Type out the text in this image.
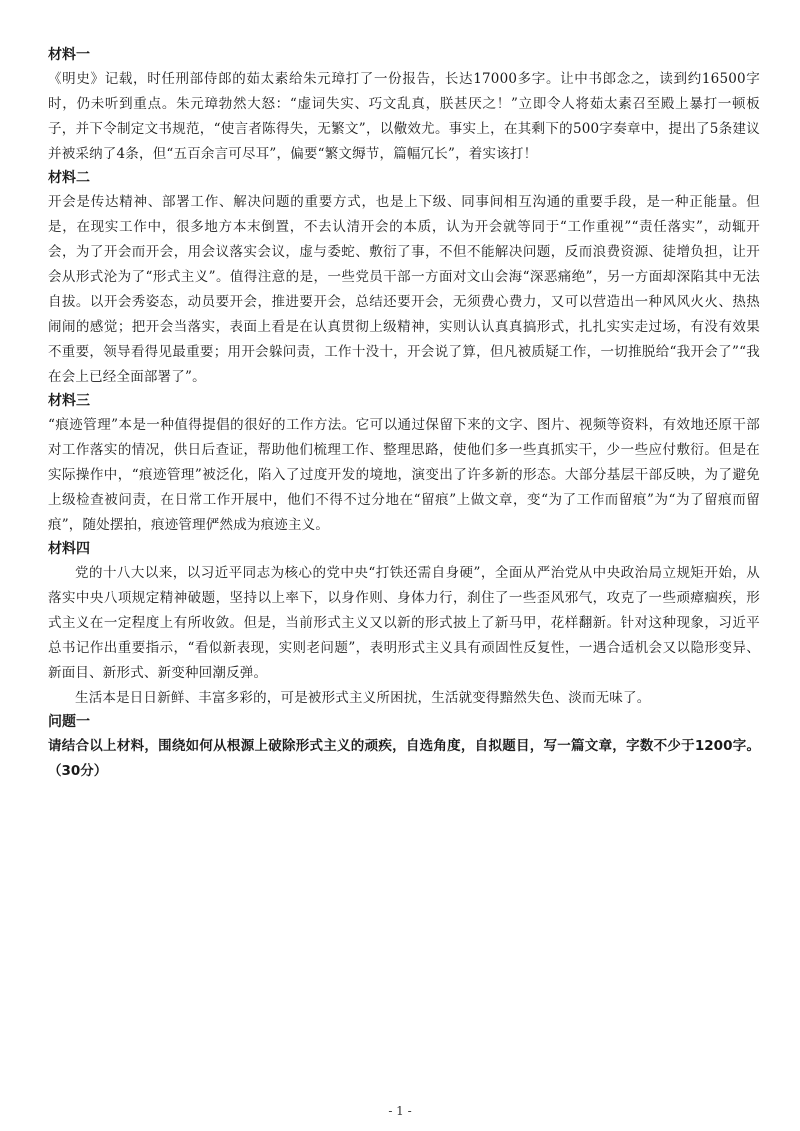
材料一

《明史》记载，时任刑部侍郎的茹太素给朱元璋打了一份报告，长达17000多字。让中书郎念之，读到约16500字时，仍未听到重点。朱元璋勃然大怒：“虚词失实、巧文乱真，朕甚厌之！”立即令人将茹太素召至殿上暴打一顿板子，并下令制定文书规范，“使言者陈得失，无繁文”，以儆效尤。事实上，在其剩下的500字奏章中，提出了5条建议并被采纳了4条，但“五百余言可尽耳”，偏要“繁文缛节，篇幅冗长”，着实该打！

材料二

开会是传达精神、部署工作、解决问题的重要方式，也是上下级、同事间相互沟通的重要手段，是一种正能量。但是，在现实工作中，很多地方本末倒置，不去认清开会的本质，认为开会就等同于“工作重视”“责任落实”，动辄开会，为了开会而开会，用会议落实会议，虚与委蛇、敷衍了事，不但不能解决问题，反而浪费资源、徒增负担，让开会从形式沦为了“形式主义”。值得注意的是，一些党员干部一方面对文山会海“深恶痛绝”，另一方面却深陷其中无法自拔。以开会秀姿态，动员要开会，推进要开会，总结还要开会，无须费心费力，又可以营造出一种风风火火、热热闹闹的感觉；把开会当落实，表面上看是在认真贯彻上级精神，实则认认真真搞形式，扎扎实实走过场，有没有效果不重要，领导看得见最重要；用开会躲问责，工作十没十，开会说了算，但凡被质疑工作，一切推脱给“我开会了”“我在会上已经全面部署了”。

材料三

“痕迹管理”本是一种值得提倡的很好的工作方法。它可以通过保留下来的文字、图片、视频等资料，有效地还原干部对工作落实的情况，供日后查证，帮助他们梳理工作、整理思路，使他们多一些真抓实干，少一些应付敷衍。但是在实际操作中，“痕迹管理”被泛化，陷入了过度开发的境地，演变出了许多新的形态。大部分基层干部反映，为了避免上级检查被问责，在日常工作开展中，他们不得不过分地在“留痕”上做文章，变“为了工作而留痕”为“为了留痕而留痕”，随处摆拍，痕迹管理俨然成为痕迹主义。

材料四

党的十八大以来，以习近平同志为核心的党中央“打铁还需自身硬”，全面从严治党从中央政治局立规矩开始，从落实中央八项规定精神破题，坚持以上率下，以身作则、身体力行，刹住了一些歪风邪气，攻克了一些顽瘴痼疾，形式主义在一定程度上有所收敛。但是，当前形式主义又以新的形式披上了新马甲，花样翻新。针对这种现象，习近平总书记作出重要指示，“看似新表现，实则老问题”，表明形式主义具有顽固性反复性，一遇合适机会又以隐形变异、新面目、新形式、新变种回潮反弹。

生活本是日日新鲜、丰富多彩的，可是被形式主义所困扰，生活就变得黯然失色、淡而无味了。

问题一

请结合以上材料，围绕如何从根源上破除形式主义的顽疾，自选角度，自拟题目，写一篇文章，字数不少于1200字。（30分）

- 1 -
